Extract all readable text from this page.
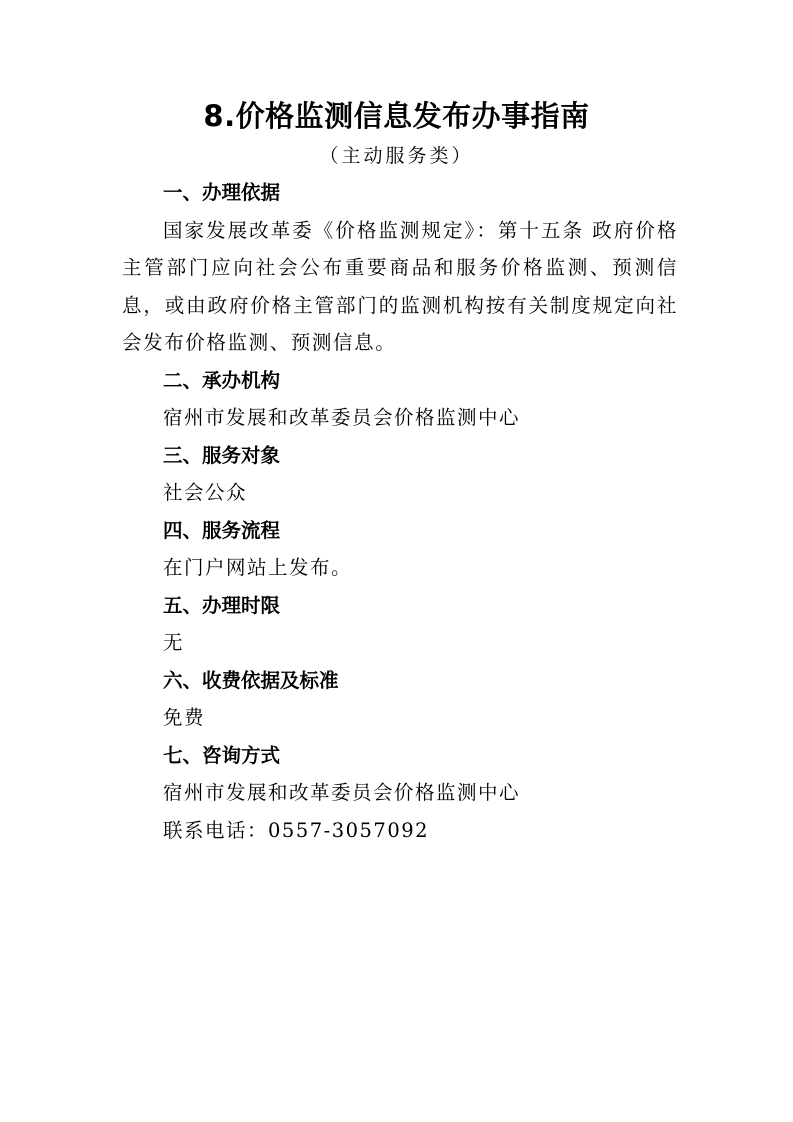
8.价格监测信息发布办事指南
（主动服务类）
一、办理依据

国家发展改革委《价格监测规定》：第十五条 政府价格主管部门应向社会公布重要商品和服务价格监测、预测信息，或由政府价格主管部门的监测机构按有关制度规定向社会发布价格监测、预测信息。

二、承办机构
宿州市发展和改革委员会价格监测中心
三、服务对象
社会公众
四、服务流程
在门户网站上发布。
五、办理时限
无
六、收费依据及标准
免费
七、咨询方式
宿州市发展和改革委员会价格监测中心
联系电话：0557-3057092
